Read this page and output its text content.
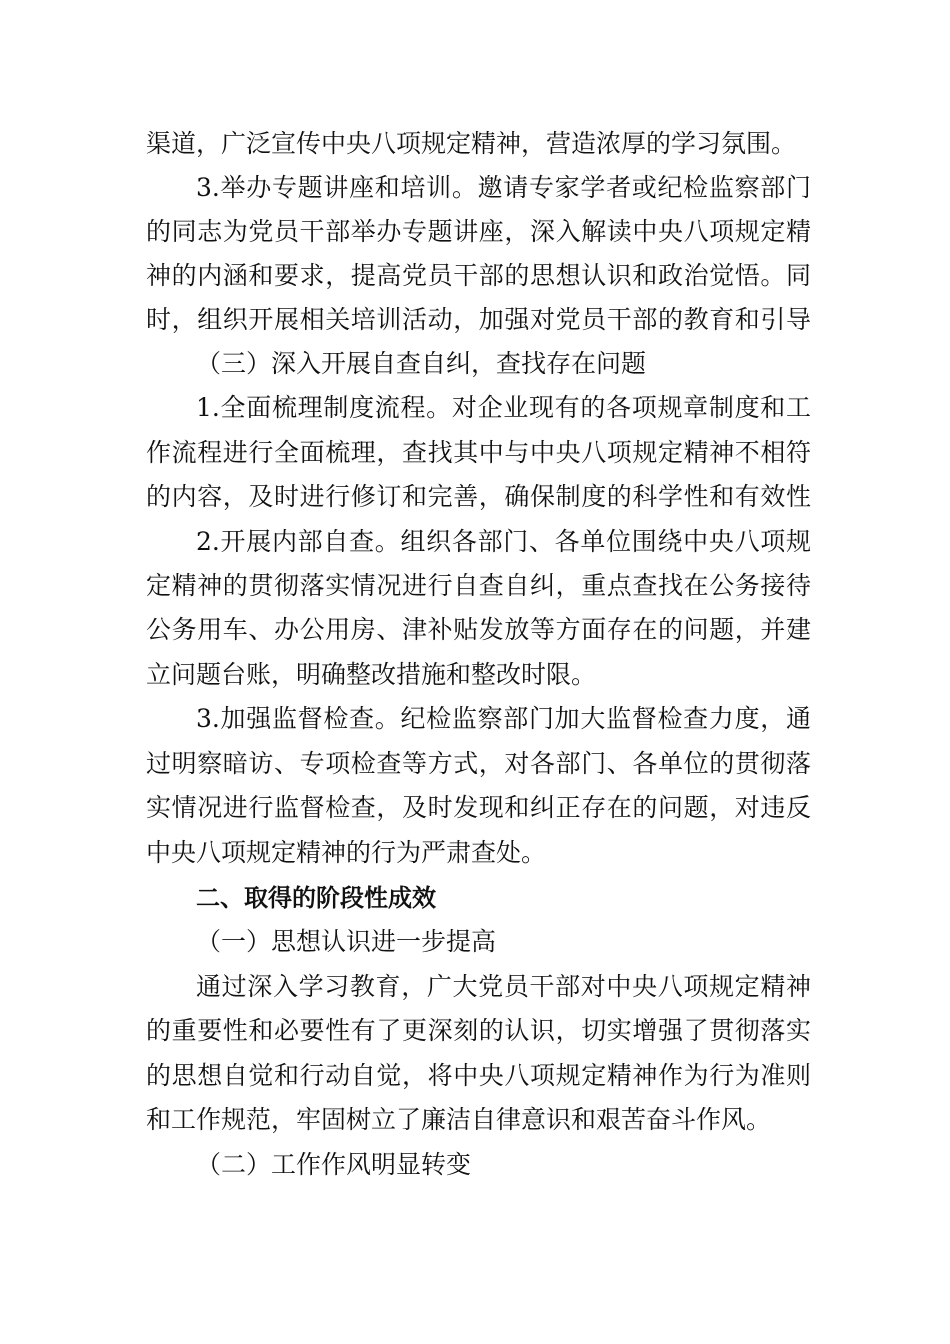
渠道，广泛宣传中央八项规定精神，营造浓厚的学习氛围。
3.举办专题讲座和培训。邀请专家学者或纪检监察部门
的同志为党员干部举办专题讲座，深入解读中央八项规定精
神的内涵和要求，提高党员干部的思想认识和政治觉悟。同
时，组织开展相关培训活动，加强对党员干部的教育和引导
（三）深入开展自查自纠，查找存在问题
1.全面梳理制度流程。对企业现有的各项规章制度和工
作流程进行全面梳理，查找其中与中央八项规定精神不相符
的内容，及时进行修订和完善，确保制度的科学性和有效性
2.开展内部自查。组织各部门、各单位围绕中央八项规
定精神的贯彻落实情况进行自查自纠，重点查找在公务接待
公务用车、办公用房、津补贴发放等方面存在的问题，并建
立问题台账，明确整改措施和整改时限。
3.加强监督检查。纪检监察部门加大监督检查力度，通
过明察暗访、专项检查等方式，对各部门、各单位的贯彻落
实情况进行监督检查，及时发现和纠正存在的问题，对违反
中央八项规定精神的行为严肃查处。
二、取得的阶段性成效
（一）思想认识进一步提高
通过深入学习教育，广大党员干部对中央八项规定精神
的重要性和必要性有了更深刻的认识，切实增强了贯彻落实
的思想自觉和行动自觉，将中央八项规定精神作为行为准则
和工作规范，牢固树立了廉洁自律意识和艰苦奋斗作风。
（二）工作作风明显转变
